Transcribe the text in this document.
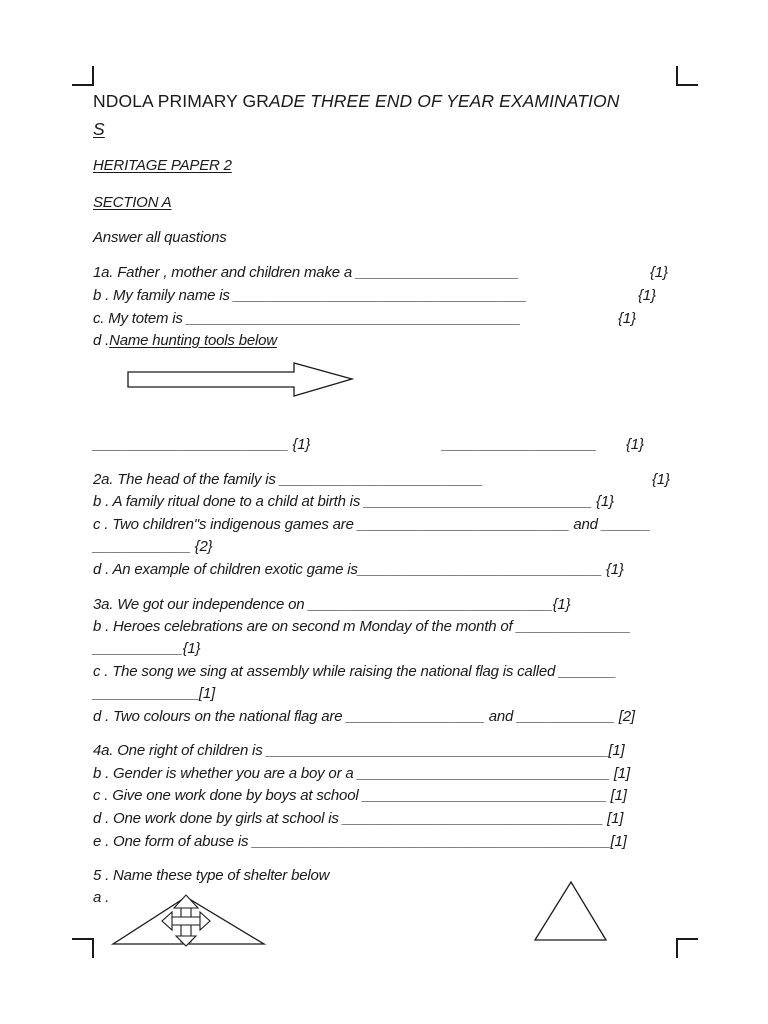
NDOLA PRIMARY GRADE THREE END OF YEAR EXAMINATION
S
HERITAGE PAPER 2
SECTION A
Answer all quastions
1a. Father , mother and children make a ____________________	{1}
b . My family name is ____________________________________	{1}
c. My totem is _________________________________________	{1}
d .Name hunting tools below
________________________ {1}	___________________ {1}
2a. The head of the family is _________________________	{1}
b . A family ritual done to a child at birth is ____________________________ {1}
c . Two children"s indigenous games are __________________________ and ______
____________ {2}
d . An example of children exotic game is______________________________ {1}
3a. We got our independence on ______________________________{1}
b . Heroes celebrations are on second m Monday of the month of ______________
___________{1}
c . The song we sing at assembly while raising the national flag is called _______
_____________[1]
d . Two colours on the national flag are _________________ and ____________ [2]
4a. One right of children is __________________________________________[1]
b . Gender is whether you are a boy or a _______________________________ [1]
c . Give one work done by boys at school ______________________________ [1]
d . One work done by girls at school is ________________________________ [1]
e . One form of abuse is ____________________________________________[1]
5 . Name these type of shelter below
a .
